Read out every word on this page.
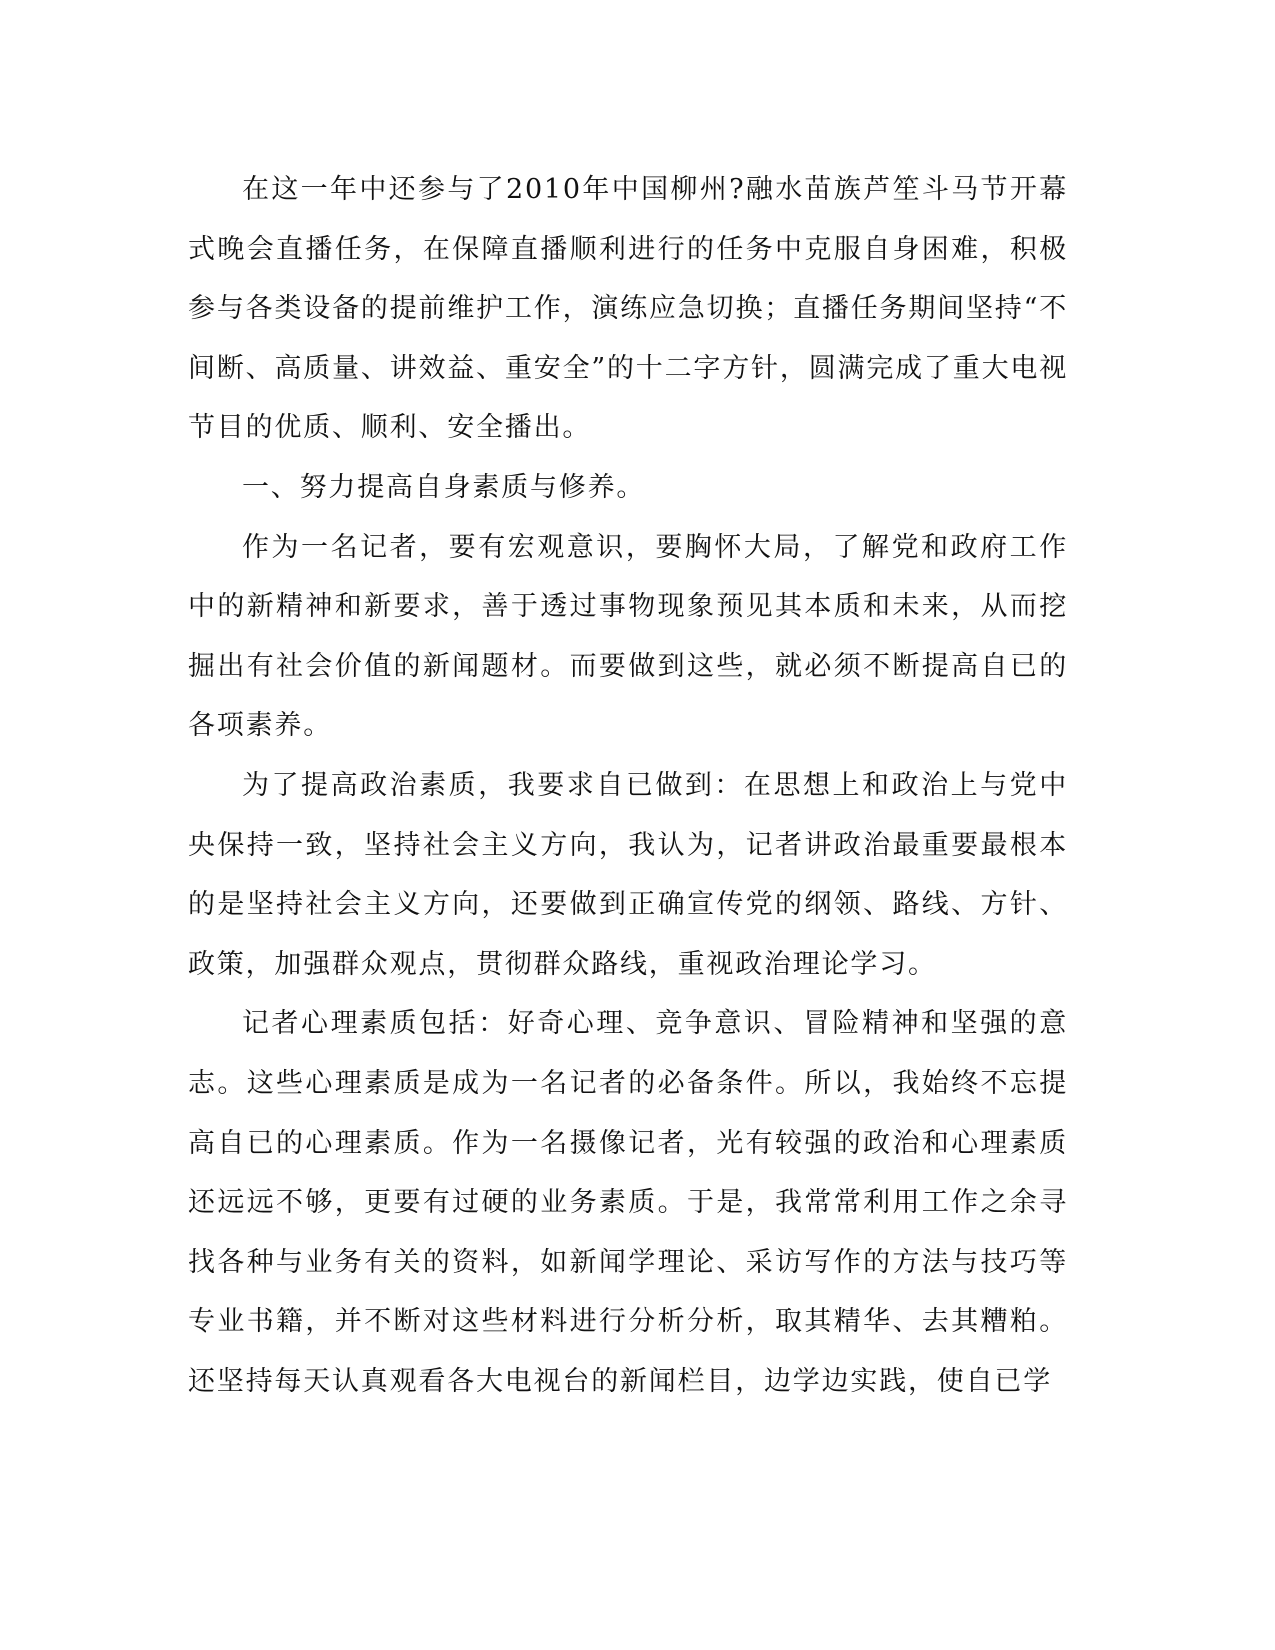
在这一年中还参与了2010年中国柳州?融水苗族芦笙斗马节开幕式晚会直播任务，在保障直播顺利进行的任务中克服自身困难，积极参与各类设备的提前维护工作，演练应急切换；直播任务期间坚持“不间断、高质量、讲效益、重安全”的十二字方针，圆满完成了重大电视节目的优质、顺利、安全播出。

一、努力提高自身素质与修养。

作为一名记者，要有宏观意识，要胸怀大局，了解党和政府工作中的新精神和新要求，善于透过事物现象预见其本质和未来，从而挖掘出有社会价值的新闻题材。而要做到这些，就必须不断提高自已的各项素养。

为了提高政治素质，我要求自已做到：在思想上和政治上与党中央保持一致，坚持社会主义方向，我认为，记者讲政治最重要最根本的是坚持社会主义方向，还要做到正确宣传党的纲领、路线、方针、政策，加强群众观点，贯彻群众路线，重视政治理论学习。

记者心理素质包括：好奇心理、竞争意识、冒险精神和坚强的意志。这些心理素质是成为一名记者的必备条件。所以，我始终不忘提高自已的心理素质。作为一名摄像记者，光有较强的政治和心理素质还远远不够，更要有过硬的业务素质。于是，我常常利用工作之余寻找各种与业务有关的资料，如新闻学理论、采访写作的方法与技巧等专业书籍，并不断对这些材料进行分析分析，取其精华、去其糟粕。还坚持每天认真观看各大电视台的新闻栏目，边学边实践，使自已学
